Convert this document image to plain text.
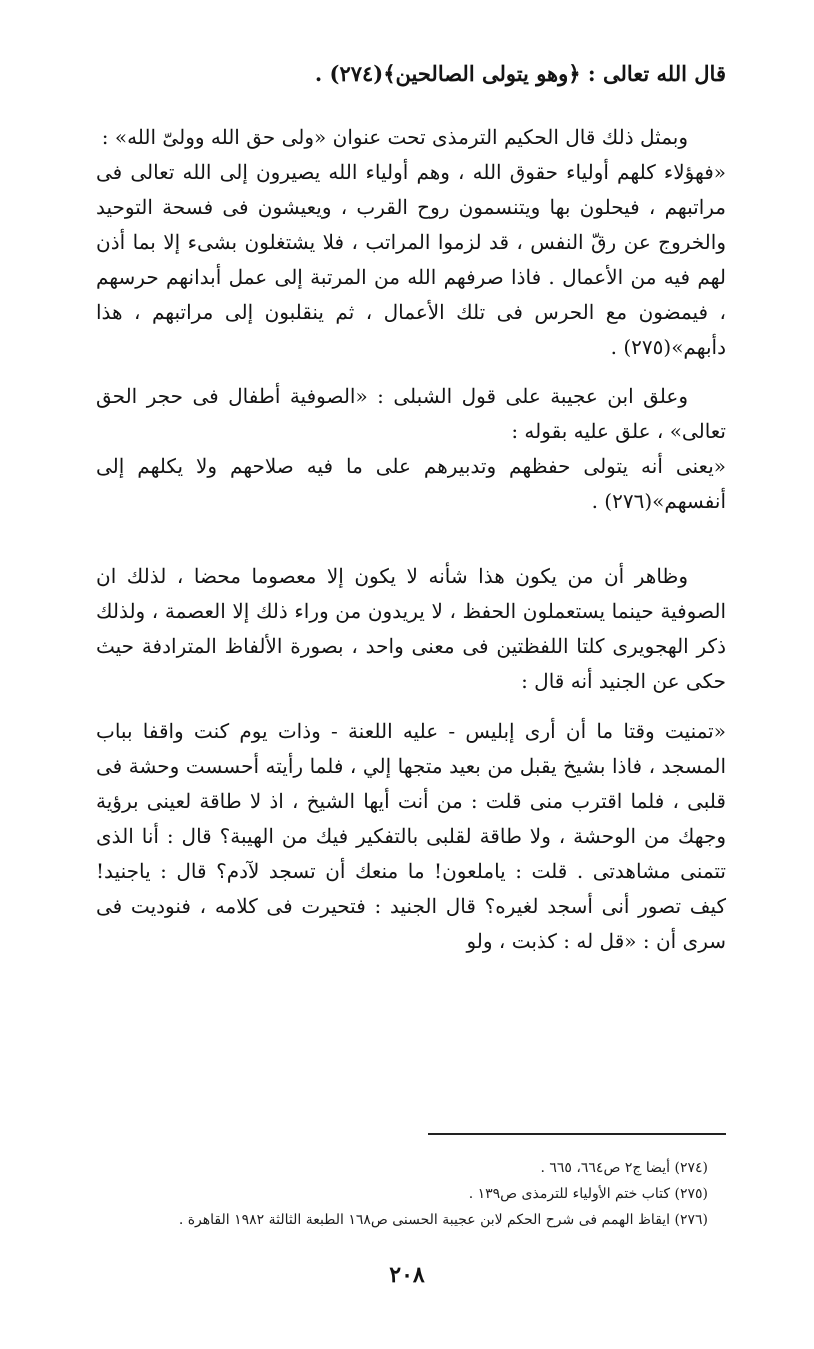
قال الله تعالى : ﴿وهو يتولى الصالحين﴾(٢٧٤) .

وبمثل ذلك قال الحكيم الترمذى تحت عنوان «ولى حق الله وولىّ الله» :

«فهؤلاء كلهم أولياء حقوق الله ، وهم أولياء الله يصيرون إلى الله تعالى فى مراتبهم ، فيحلون بها ويتنسمون روح القرب ، ويعيشون فى فسحة التوحيد والخروج عن رقّ النفس ، قد لزموا المراتب ، فلا يشتغلون بشىء إلا بما أذن لهم فيه من الأعمال . فاذا صرفهم الله من المرتبة إلى عمل أبدانهم حرسهم ، فيمضون مع الحرس فى تلك الأعمال ، ثم ينقلبون إلى مراتبهم ، هذا دأبهم»(٢٧٥) .

وعلق ابن عجيبة على قول الشبلى : «الصوفية أطفال فى حجر الحق تعالى» ، علق عليه بقوله :

«يعنى أنه يتولى حفظهم وتدبيرهم على ما فيه صلاحهم ولا يكلهم إلى أنفسهم»(٢٧٦) .

وظاهر أن من يكون هذا شأنه لا يكون إلا معصوما محضا ، لذلك ان الصوفية حينما يستعملون الحفظ ، لا يريدون من وراء ذلك إلا العصمة ، ولذلك ذكر الهجويرى كلتا اللفظتين فى معنى واحد ، بصورة الألفاظ المترادفة حيث حكى عن الجنيد أنه قال :

«تمنيت وقتا ما أن أرى إبليس - عليه اللعنة - وذات يوم كنت واقفا بباب المسجد ، فاذا بشيخ يقبل من بعيد متجها إلي ، فلما رأيته أحسست وحشة فى قلبى ، فلما اقترب منى قلت : من أنت أيها الشيخ ، اذ لا طاقة لعينى برؤية وجهك من الوحشة ، ولا طاقة لقلبى بالتفكير فيك من الهيبة؟ قال : أنا الذى تتمنى مشاهدتى . قلت : ياملعون! ما منعك أن تسجد لآدم؟ قال : ياجنيد! كيف تصور أنى أسجد لغيره؟ قال الجنيد : فتحيرت فى كلامه ، فنوديت فى سرى أن : «قل له : كذبت ، ولو

(٢٧٤) أيضا ج٢ ص٦٦٤، ٦٦٥ .
(٢٧٥) كتاب ختم الأولياء للترمذى ص١٣٩ .
(٢٧٦) ايقاظ الهمم فى شرح الحكم لابن عجيبة الحسنى ص١٦٨ الطبعة الثالثة ١٩٨٢ القاهرة .
٢٠٨
